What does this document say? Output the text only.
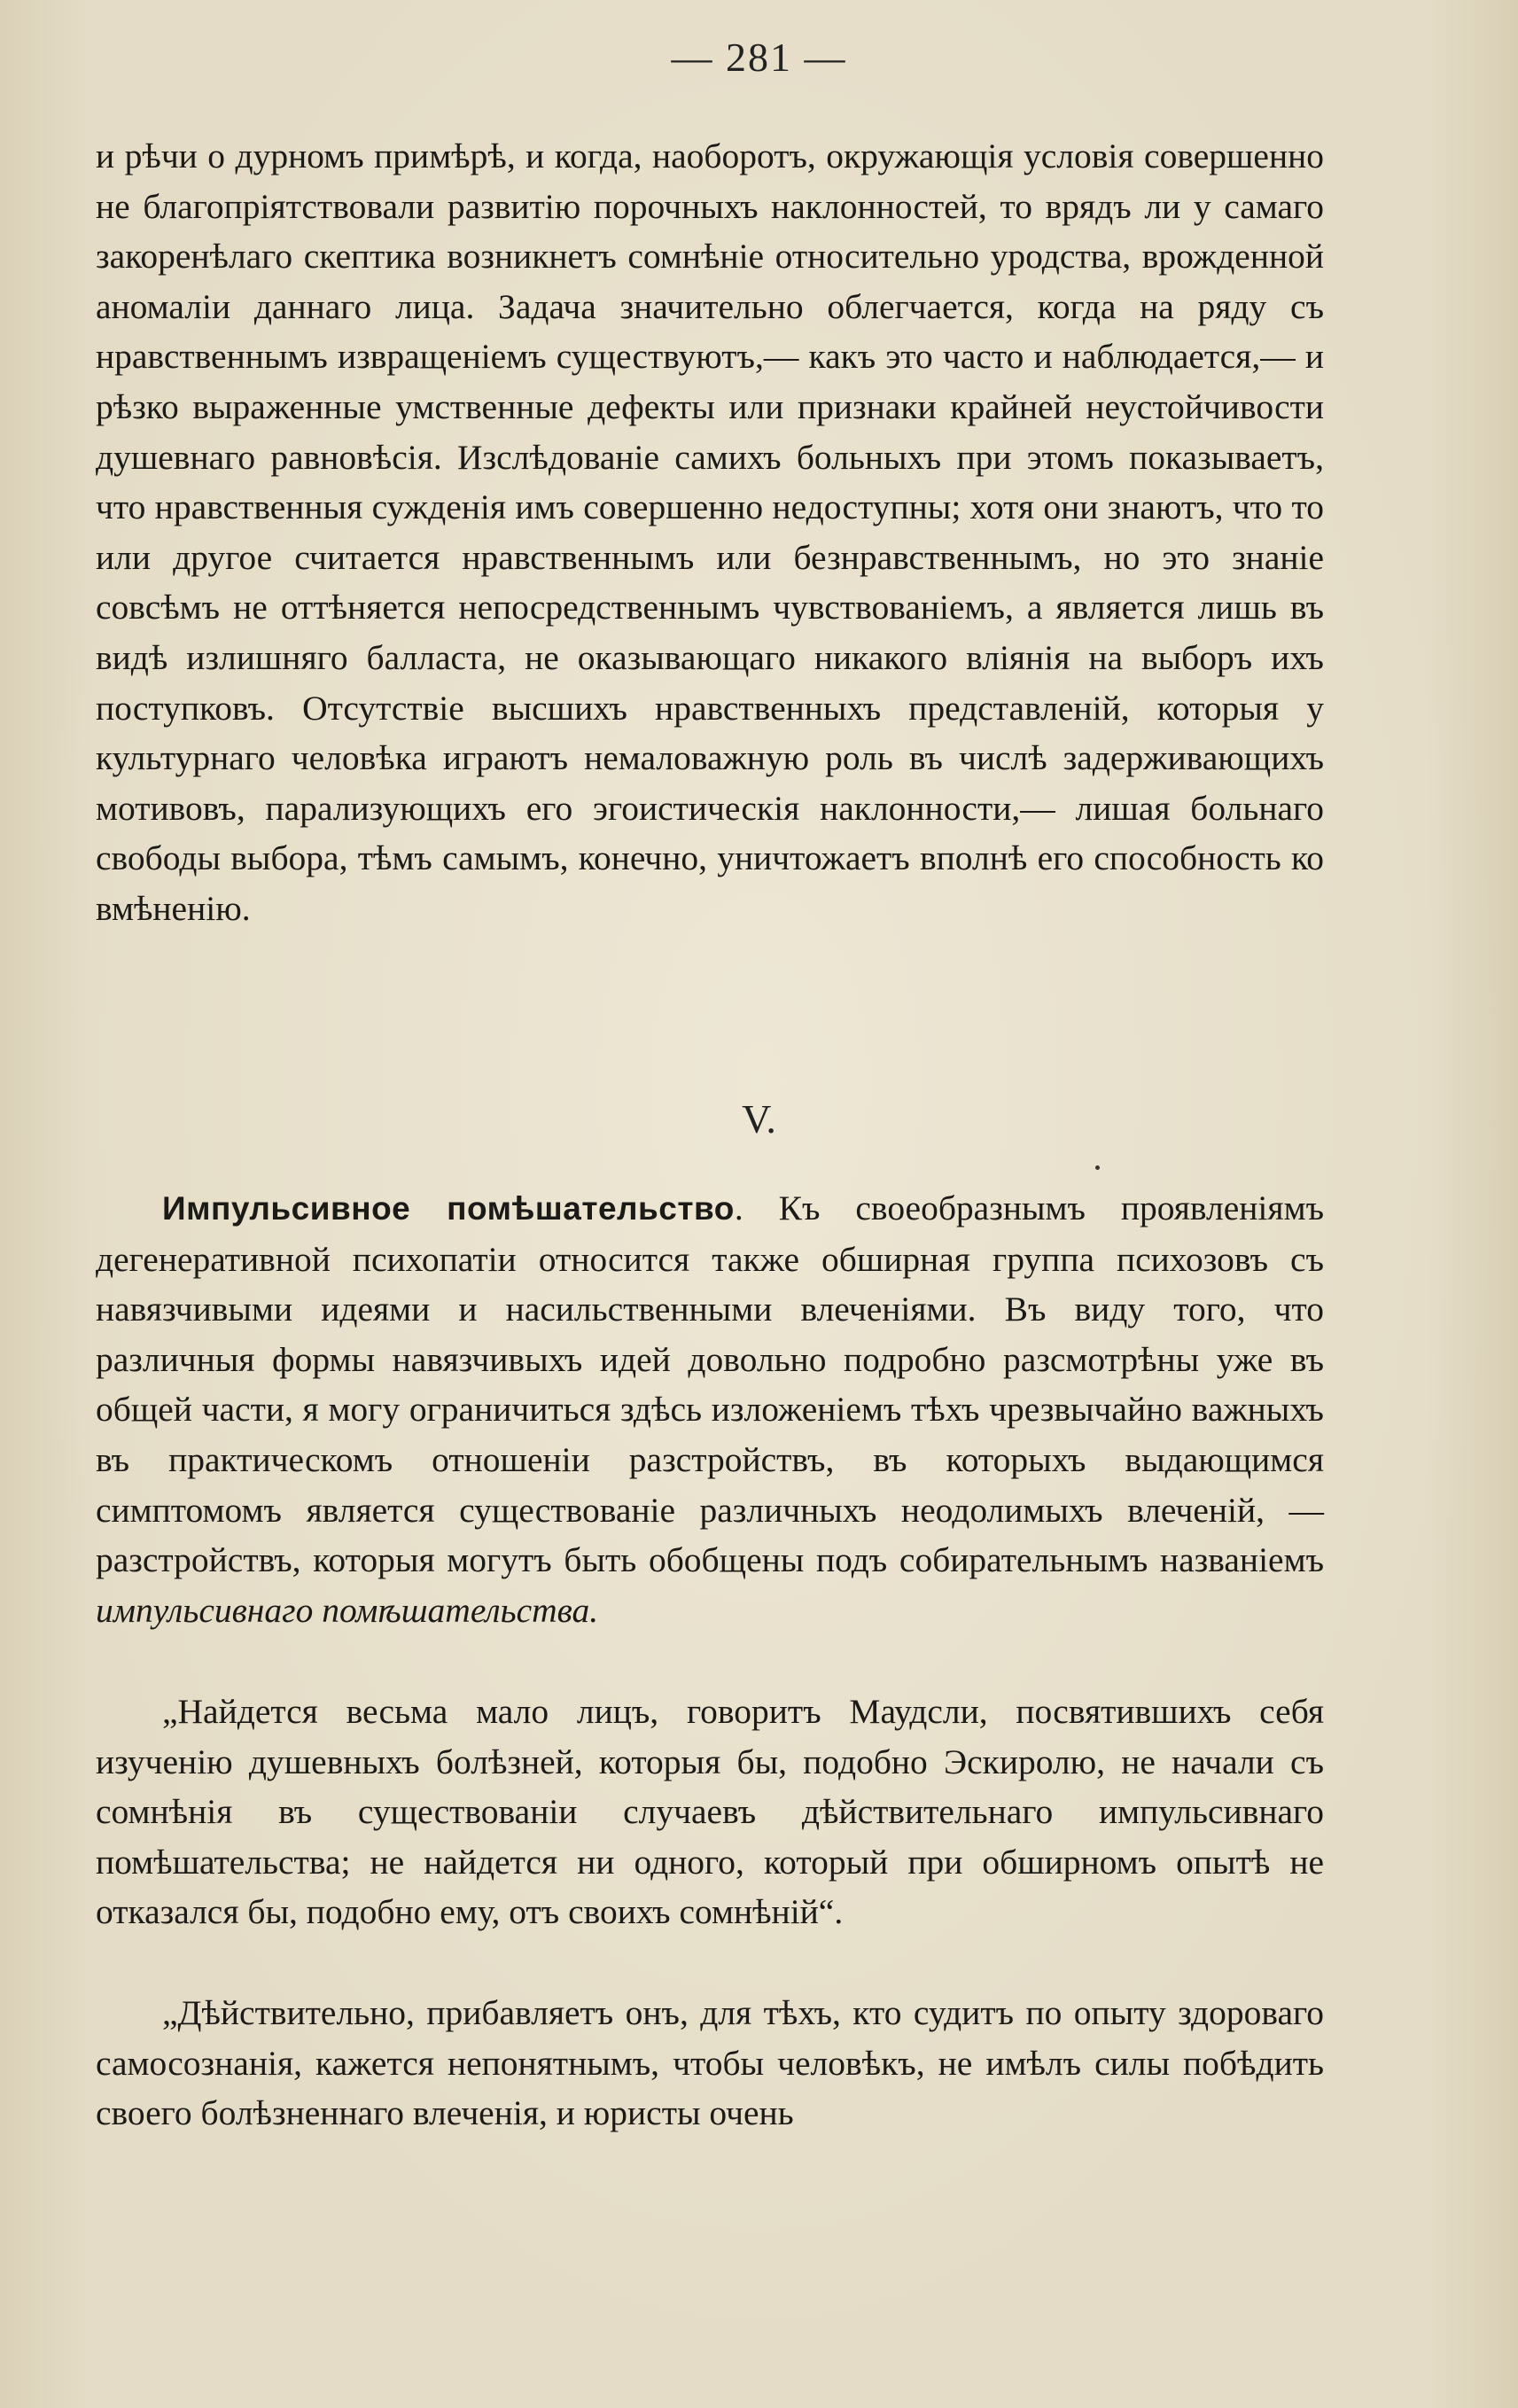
— 281 —

и рѣчи о дурномъ примѣрѣ, и когда, наоборотъ, окружающія условія совершенно не благопріятствовали развитію порочныхъ наклонностей, то врядъ ли у самаго закоренѣлаго скептика возникнетъ сомнѣніе относительно уродства, врожденной аномаліи даннаго лица. Задача значительно облегчается, когда на ряду съ нравственнымъ извращеніемъ существуютъ,— какъ это часто и наблюдается,— и рѣзко выраженные умственные дефекты или признаки крайней неустойчивости душевнаго равновѣсія. Изслѣдованіе самихъ больныхъ при этомъ показываетъ, что нравственныя сужденія имъ совершенно недоступны; хотя они знаютъ, что то или другое считается нравственнымъ или безнравственнымъ, но это знаніе совсѣмъ не оттѣняется непосредственнымъ чувствованіемъ, а является лишь въ видѣ излишняго балласта, не оказывающаго никакого вліянія на выборъ ихъ поступковъ. Отсутствіе высшихъ нравственныхъ представленій, которыя у культурнаго человѣка играютъ немаловажную роль въ числѣ задерживающихъ мотивовъ, парализующихъ его эгоистическія наклонности,— лишая больнаго свободы выбора, тѣмъ самымъ, конечно, уничтожаетъ вполнѣ его способность ко вмѣненію.

V.

Импульсивное помѣшательство. Къ своеобразнымъ проявленіямъ дегенеративной психопатіи относится также обширная группа психозовъ съ навязчивыми идеями и насильственными влеченіями. Въ виду того, что различныя формы навязчивыхъ идей довольно подробно разсмотрѣны уже въ общей части, я могу ограничиться здѣсь изложеніемъ тѣхъ чрезвычайно важныхъ въ практическомъ отношеніи разстройствъ, въ которыхъ выдающимся симптомомъ является существованіе различныхъ неодолимыхъ влеченій, — разстройствъ, которыя могутъ быть обобщены подъ собирательнымъ названіемъ импульсивнаго помѣшательства.

„Найдется весьма мало лицъ, говоритъ Маудсли, посвятившихъ себя изученію душевныхъ болѣзней, которыя бы, подобно Эскиролю, не начали съ сомнѣнія въ существованіи случаевъ дѣйствительнаго импульсивнаго помѣшательства; не найдется ни одного, который при обширномъ опытѣ не отказался бы, подобно ему, отъ своихъ сомнѣній“.

„Дѣйствительно, прибавляетъ онъ, для тѣхъ, кто судитъ по опыту здороваго самосознанія, кажется непонятнымъ, чтобы человѣкъ, не имѣлъ силы побѣдить своего болѣзненнаго влеченія, и юристы очень
